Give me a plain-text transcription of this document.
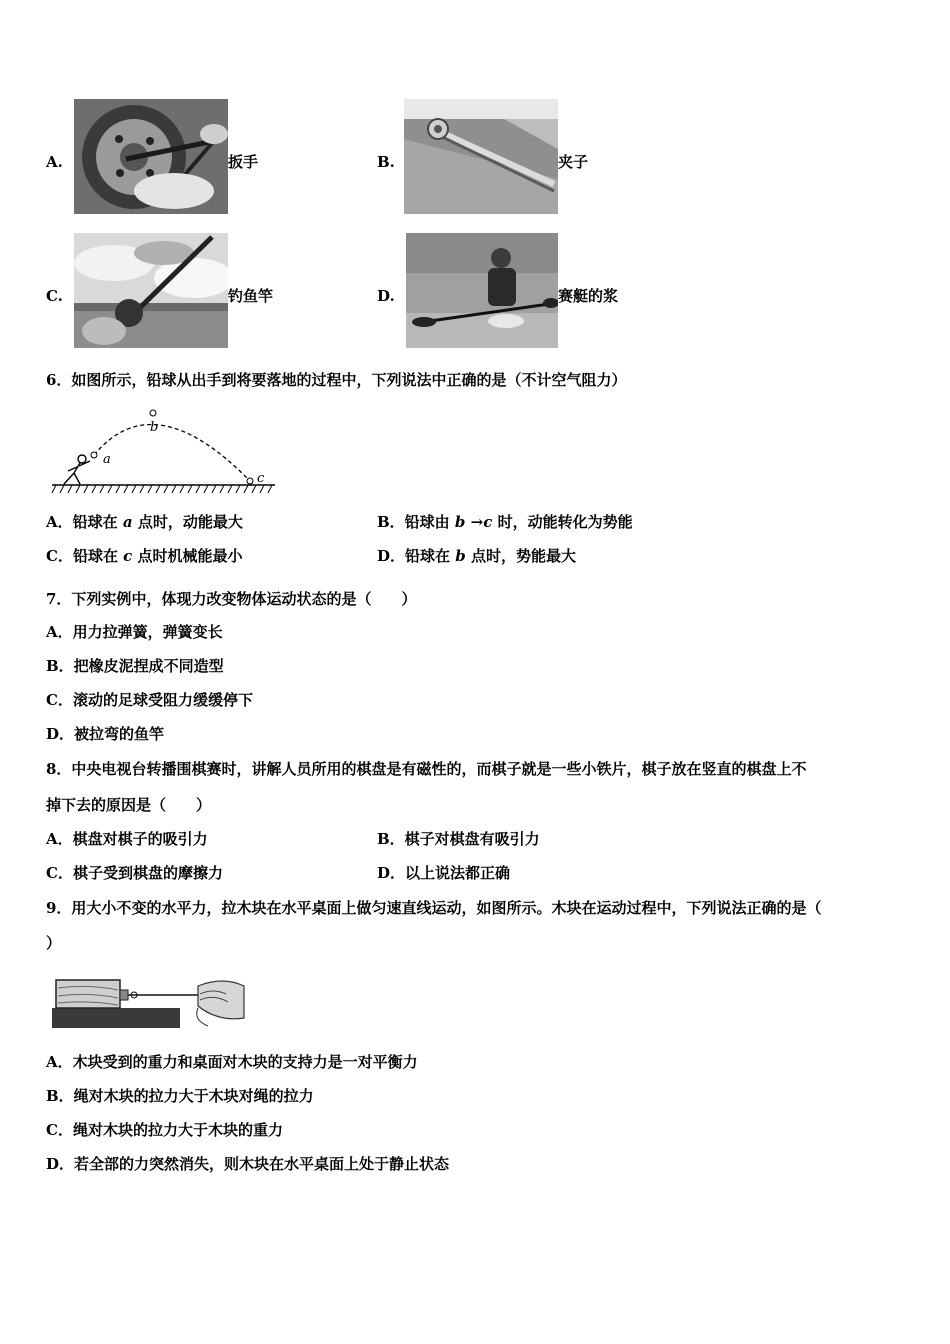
A.	扳手	B.	夹子
C.	钓鱼竿	D.	赛艇的浆
6．如图所示，铅球从出手到将要落地的过程中，下列说法中正确的是（不计空气阻力）
a
b
c
A．铅球在 a 点时，动能最大	B．铅球由 b →c 时，动能转化为势能
C．铅球在 c 点时机械能最小	D．铅球在 b 点时，势能最大
7．下列实例中，体现力改变物体运动状态的是（　　）
A．用力拉弹簧，弹簧变长
B．把橡皮泥捏成不同造型
C．滚动的足球受阻力缓缓停下
D．被拉弯的鱼竿
8．中央电视台转播围棋赛时，讲解人员所用的棋盘是有磁性的，而棋子就是一些小铁片，棋子放在竖直的棋盘上不
掉下去的原因是（　　）
A．棋盘对棋子的吸引力	B．棋子对棋盘有吸引力
C．棋子受到棋盘的摩擦力	D．以上说法都正确
9．用大小不变的水平力，拉木块在水平桌面上做匀速直线运动，如图所示。木块在运动过程中，下列说法正确的是（
）
A．木块受到的重力和桌面对木块的支持力是一对平衡力
B．绳对木块的拉力大于木块对绳的拉力
C．绳对木块的拉力大于木块的重力
D．若全部的力突然消失，则木块在水平桌面上处于静止状态
